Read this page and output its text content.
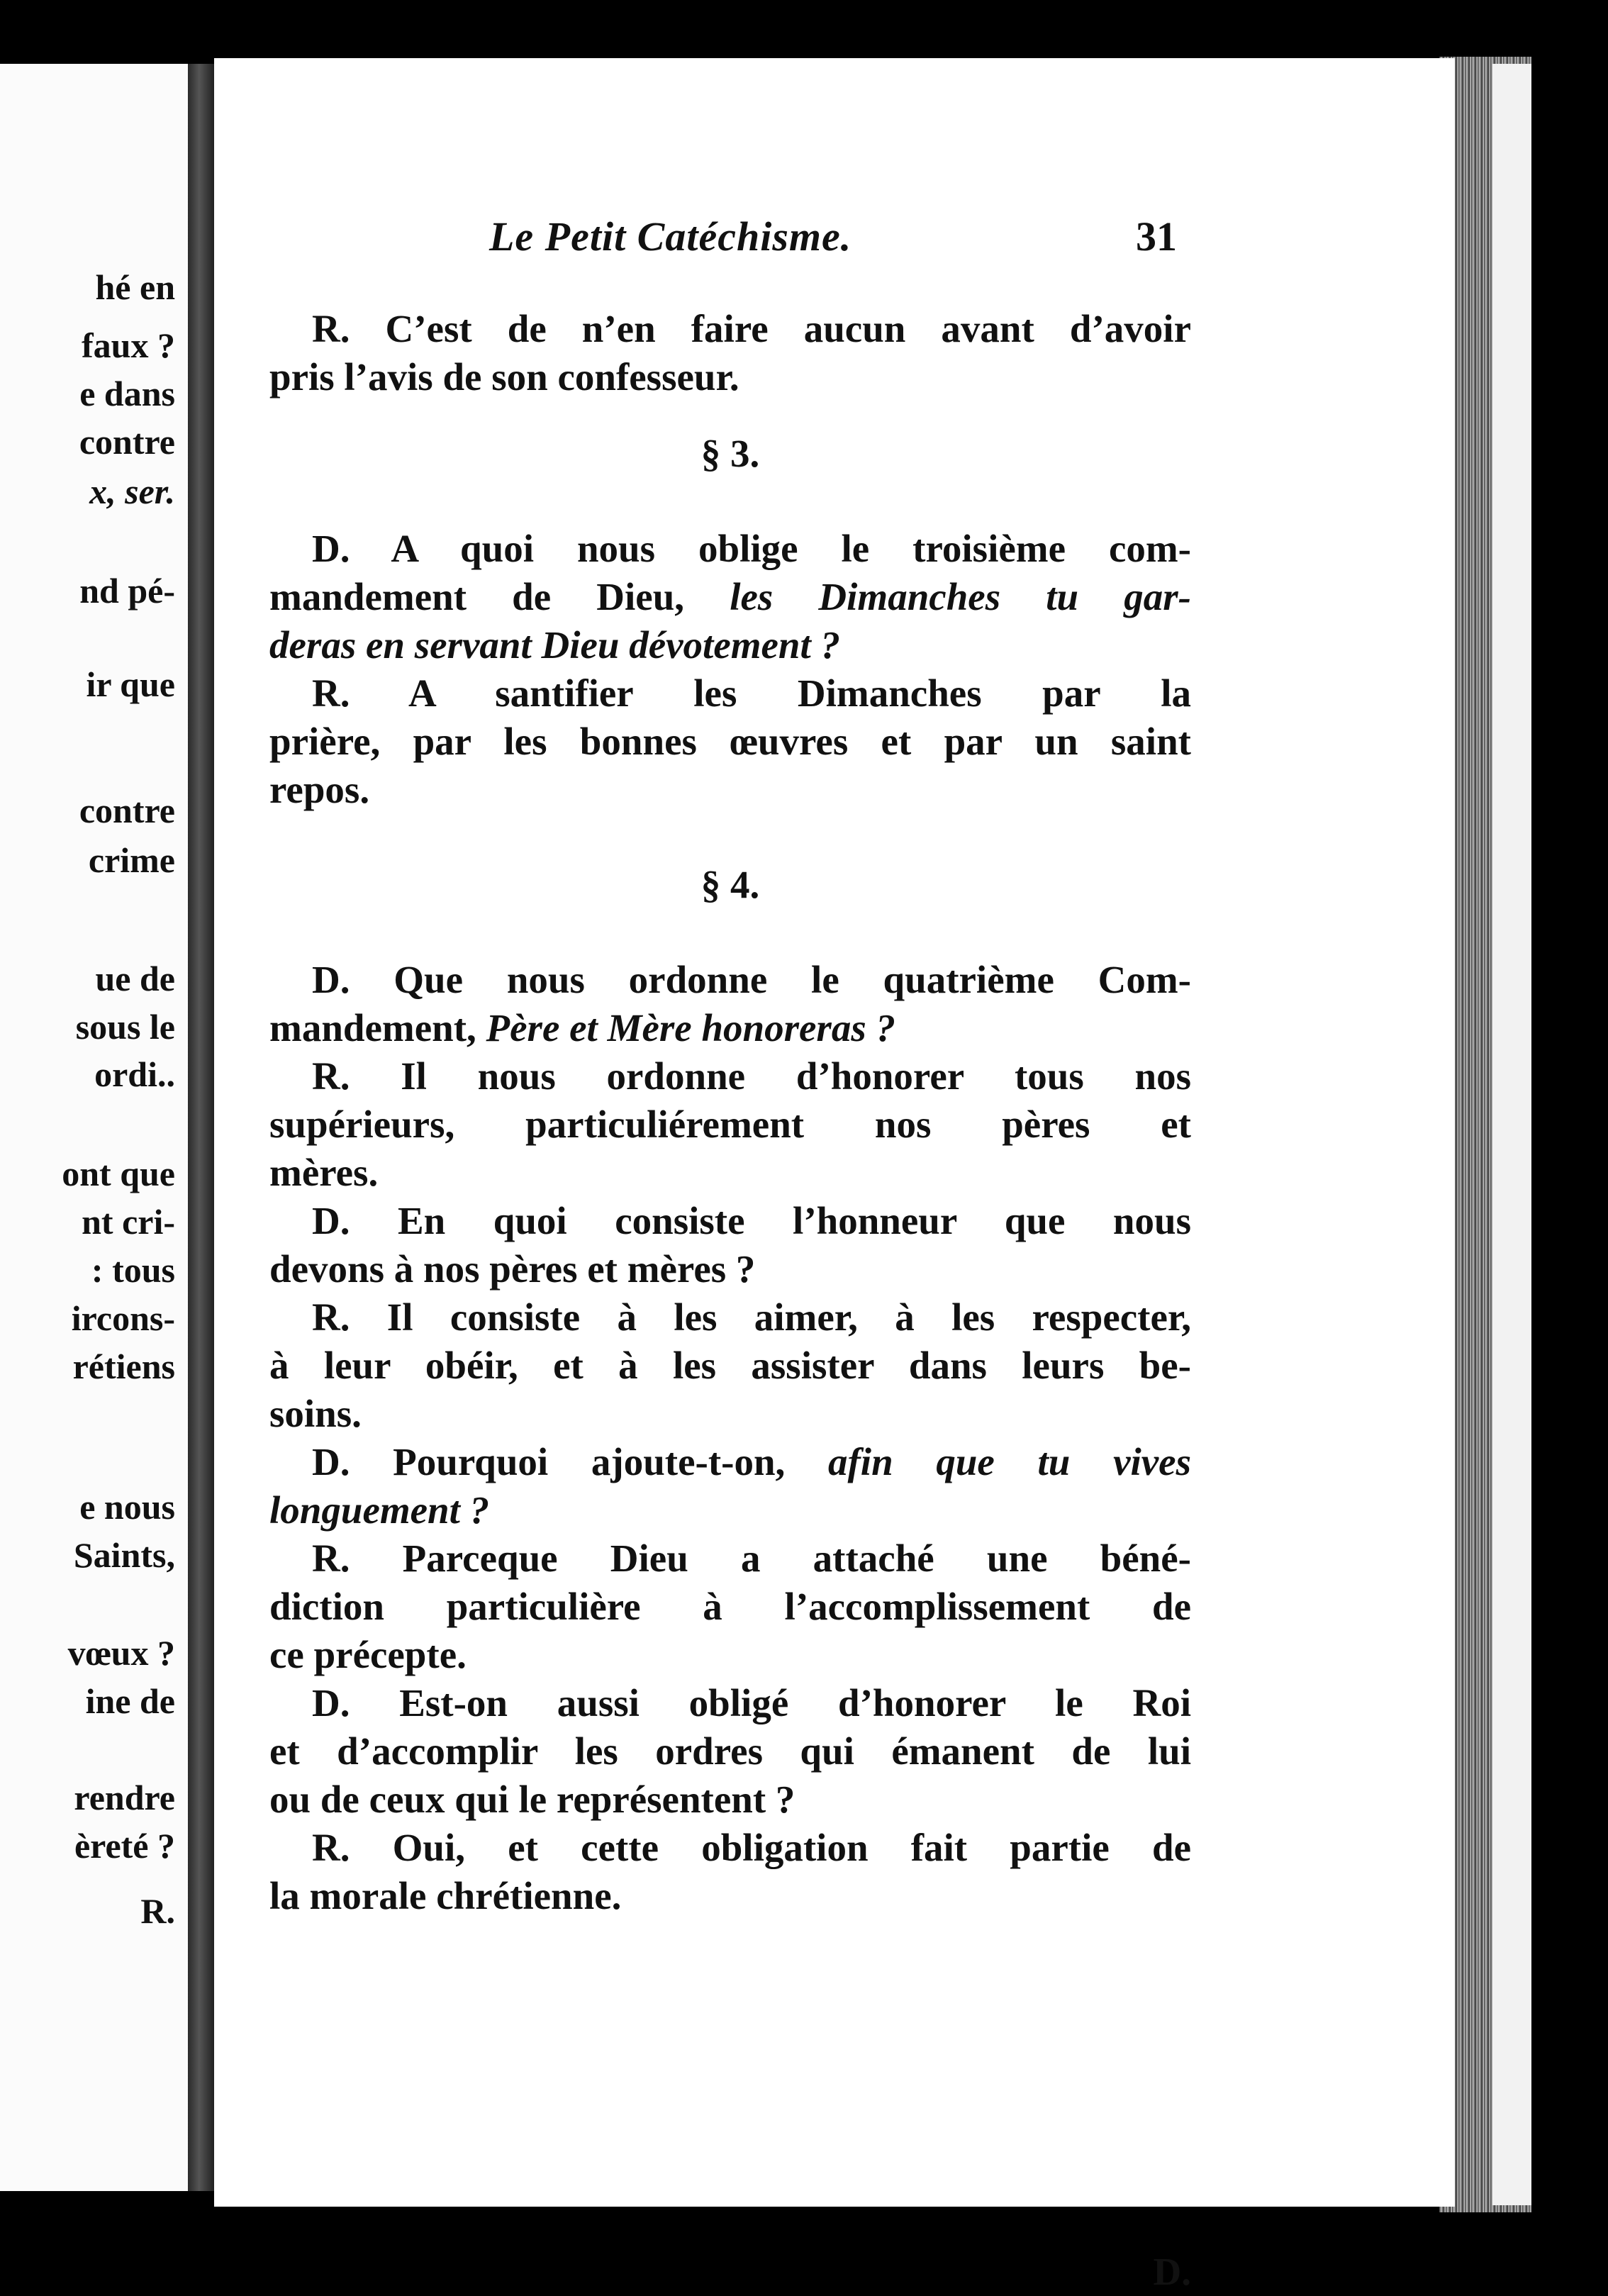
hé en
faux ?
e dans
contre
x, ser.
nd pé-
ir que
contre
crime
ue de
sous le
ordi..
ont que
nt cri-
: tous
ircons-
rétiens
e nous
Saints,
vœux ?
ine de
rendre
èreté ?
R.
Le Petit Catéchisme.	31

R. C’est de n’en faire aucun avant d’avoir
pris l’avis de son confesseur.

§ 3.

D. A quoi nous oblige le troisième com-
mandement de Dieu, les Dimanches tu gar-
deras en servant Dieu dévotement ?

R. A santifier les Dimanches par la
prière, par les bonnes œuvres et par un saint
repos.

§ 4.

D. Que nous ordonne le quatrième Com-
mandement, Père et Mère honoreras ?

R. Il nous ordonne d’honorer tous nos
supérieurs, particuliérement nos pères et
mères.

D. En quoi consiste l’honneur que nous
devons à nos pères et mères ?

R. Il consiste à les aimer, à les respecter,
à leur obéir, et à les assister dans leurs be-
soins.

D. Pourquoi ajoute-t-on, afin que tu vives
longuement ?

R. Parceque Dieu a attaché une béné-
diction particulière à l’accomplissement de
ce précepte.

D. Est-on aussi obligé d’honorer le Roi
et d’accomplir les ordres qui émanent de lui
ou de ceux qui le représentent ?

R. Oui, et cette obligation fait partie de
la morale chrétienne.

D.
